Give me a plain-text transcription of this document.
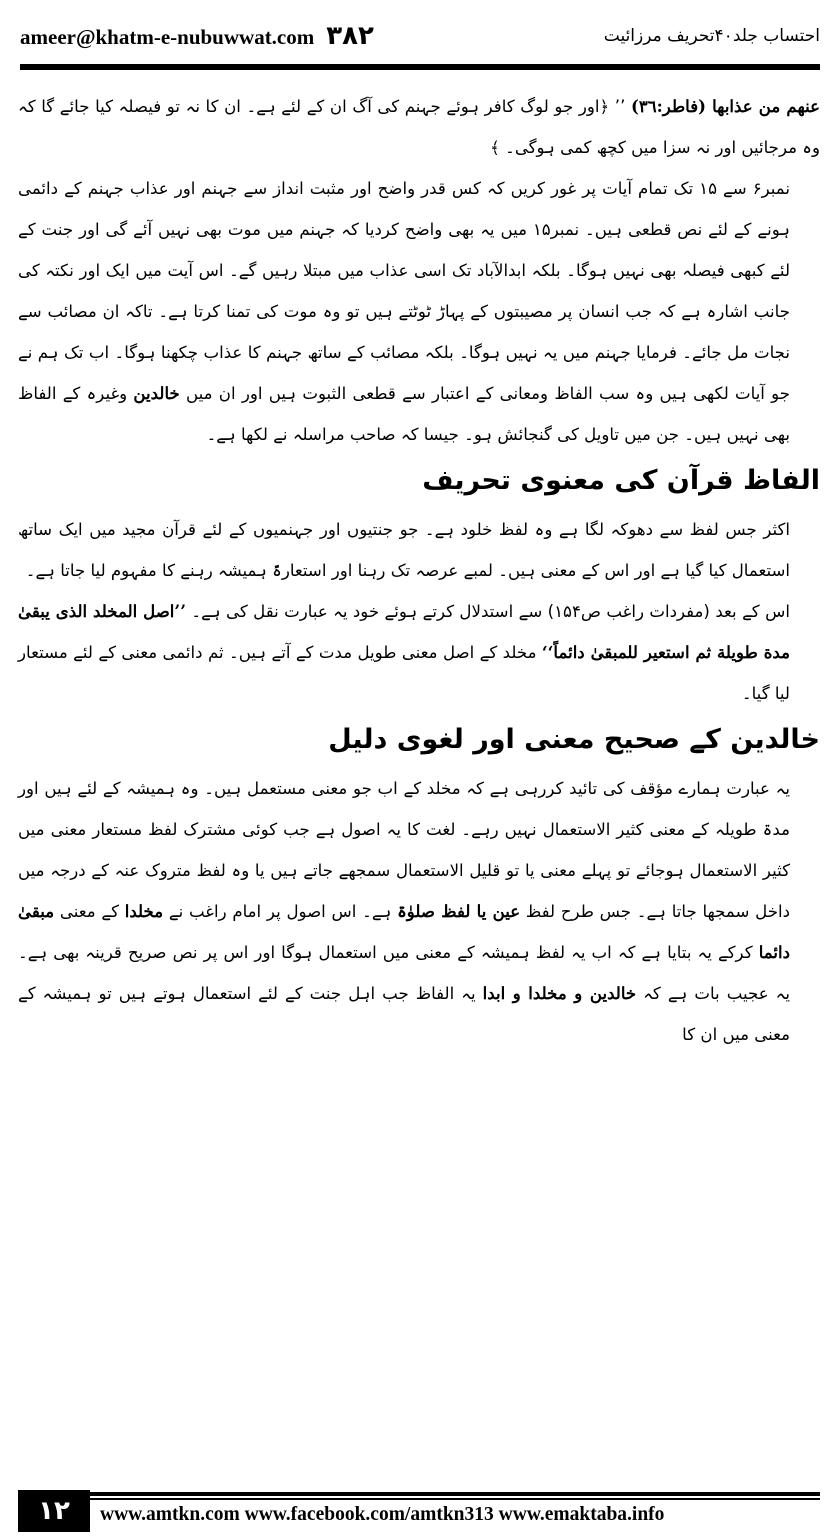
ameer@khatm-e-nubuwwat.com ۳۸۲	احتساب جلد۴۰تحریف مرزائیت

عنهم من عذابها (فاطر:٣٦) ’’ ﴿اور جو لوگ کافر ہوئے جہنم کی آگ ان کے لئے ہے۔ ان کا نہ تو فیصلہ کیا جائے گا کہ وہ مرجائیں اور نہ سزا میں کچھ کمی ہوگی۔ ﴾

نمبر۶ سے ۱۵ تک تمام آیات پر غور کریں کہ کس قدر واضح اور مثبت انداز سے جہنم اور عذاب جہنم کے دائمی ہونے کے لئے نص قطعی ہیں۔ نمبر۱۵ میں یہ بھی واضح کردیا کہ جہنم میں موت بھی نہیں آئے گی اور جنت کے لئے کبھی فیصلہ بھی نہیں ہوگا۔ بلکہ ابدالآباد تک اسی عذاب میں مبتلا رہیں گے۔ اس آیت میں ایک اور نکتہ کی جانب اشارہ ہے کہ جب انسان پر مصیبتوں کے پہاڑ ٹوٹتے ہیں تو وہ موت کی تمنا کرتا ہے۔ تاکہ ان مصائب سے نجات مل جائے۔ فرمایا جہنم میں یہ نہیں ہوگا۔ بلکہ مصائب کے ساتھ جہنم کا عذاب چکھنا ہوگا۔ اب تک ہم نے جو آیات لکھی ہیں وہ سب الفاظ ومعانی کے اعتبار سے قطعی الثبوت ہیں اور ان میں خالدین وغیرہ کے الفاظ بھی نہیں ہیں۔ جن میں تاویل کی گنجائش ہو۔ جیسا کہ صاحب مراسلہ نے لکھا ہے۔

الفاظ قرآن کی معنوی تحریف

اکثر جس لفظ سے دھوکہ لگا ہے وہ لفظ خلود ہے۔ جو جنتیوں اور جہنمیوں کے لئے قرآن مجید میں ایک ساتھ استعمال کیا گیا ہے اور اس کے معنی ہیں۔ لمبے عرصہ تک رہنا اور استعارۃً ہمیشہ رہنے کا مفہوم لیا جاتا ہے۔

اس کے بعد (مفردات راغب ص۱۵۴) سے استدلال کرتے ہوئے خود یہ عبارت نقل کی ہے۔ ’’اصل المخلد الذی یبقیٰ مدة طویلة ثم استعیر للمبقیٰ دائماً‘‘ مخلد کے اصل معنی طویل مدت کے آتے ہیں۔ ثم دائمی معنی کے لئے مستعار لیا گیا۔

خالدین کے صحیح معنی اور لغوی دلیل

یہ عبارت ہمارے مؤقف کی تائید کررہی ہے کہ مخلد کے اب جو معنی مستعمل ہیں۔ وہ ہمیشہ کے لئے ہیں اور مدۃ طویلہ کے معنی کثیر الاستعمال نہیں رہے۔ لغت کا یہ اصول ہے جب کوئی مشترک لفظ مستعار معنی میں کثیر الاستعمال ہوجائے تو پہلے معنی یا تو قلیل الاستعمال سمجھے جاتے ہیں یا وہ لفظ متروک عنہ کے درجہ میں داخل سمجھا جاتا ہے۔ جس طرح لفظ عین یا لفظ صلوٰۃ ہے۔ اس اصول پر امام راغب نے مخلدا کے معنی مبقیٰ دائما کرکے یہ بتایا ہے کہ اب یہ لفظ ہمیشہ کے معنی میں استعمال ہوگا اور اس پر نص صریح قرینہ بھی ہے۔ یہ عجیب بات ہے کہ خالدین و مخلدا و ابدا یہ الفاظ جب اہل جنت کے لئے استعمال ہوتے ہیں تو ہمیشہ کے معنی میں ان کا

۱۲	www.amtkn.com www.facebook.com/amtkn313 www.emaktaba.info
